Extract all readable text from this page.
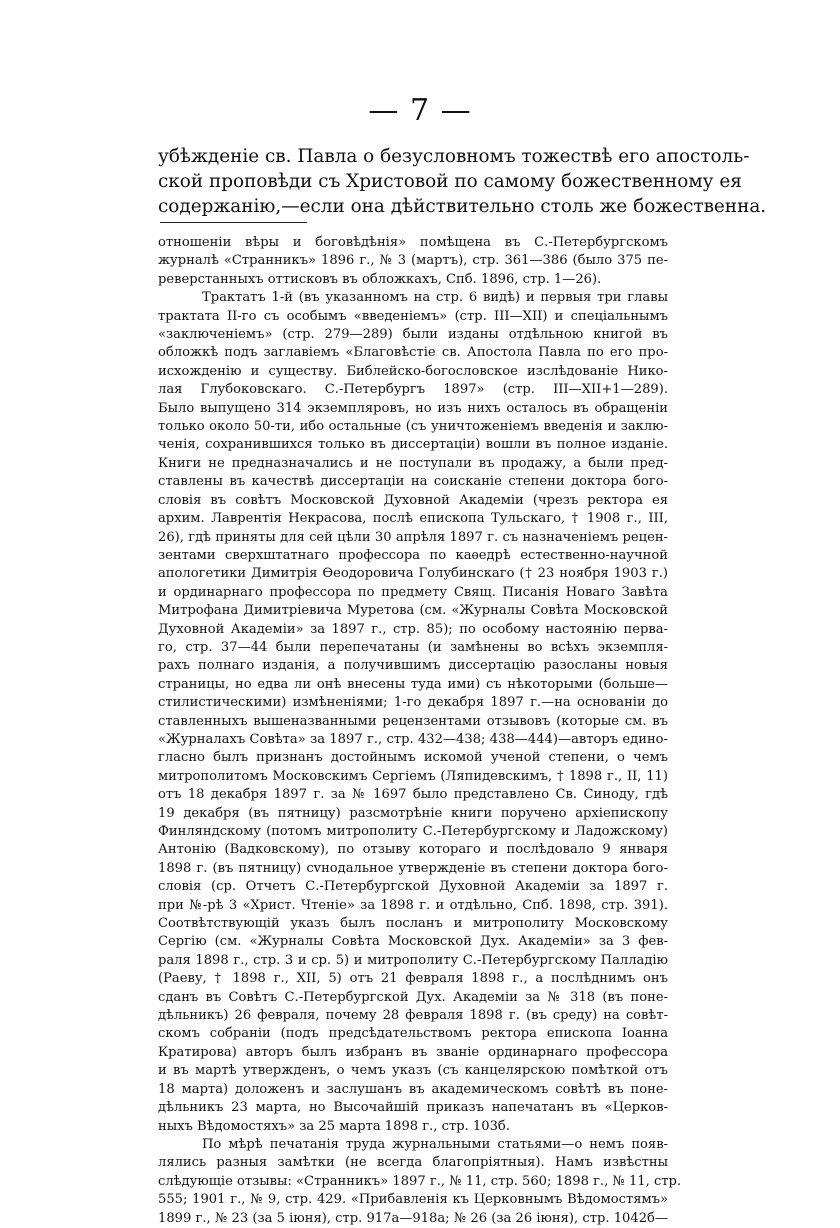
— 7 —
убѣжденіе св. Павла о безусловномъ тожествѣ его апостоль-
ской проповѣди съ Христовой по самому божественному ея
содержанію,—если она дѣйствительно столь же божественна.
отношеніи вѣры и боговѣдѣнія» помѣщена въ С.-Петербургскомъ
журналѣ «Странникъ» 1896 г., № 3 (мартъ), стр. 361—386 (было 375 пе-
реверстанныхъ оттисковъ въ обложкахъ, Спб. 1896, стр. 1—26).
Трактатъ 1-й (въ указанномъ на стр. 6 видѣ) и первыя три главы
трактата II-го съ особымъ «введеніемъ» (стр. III—XII) и спеціальнымъ
«заключеніемъ» (стр. 279—289) были изданы отдѣльною книгой въ
обложкѣ подъ заглавіемъ «Благовѣстіе св. Апостола Павла по его про-
исхожденію и существу. Библейско-богословское изслѣдованіе Нико-
лая Глубоковскаго. С.-Петербургъ 1897» (стр. III—XII+1—289).
Было выпущено 314 экземпляровъ, но изъ нихъ осталось въ обращеніи
только около 50-ти, ибо остальные (съ уничтоженіемъ введенія и заклю-
ченія, сохранившихся только въ диссертаціи) вошли въ полное изданіе.
Книги не предназначались и не поступали въ продажу, а были пред-
ставлены въ качествѣ диссертаціи на соисканіе степени доктора бого-
словія въ совѣтъ Московской Духовной Академіи (чрезъ ректора ея
архим. Лаврентія Некрасова, послѣ епископа Тульскаго, † 1908 г., III,
26), гдѣ приняты для сей цѣли 30 апрѣля 1897 г. съ назначеніемъ рецен-
зентами сверхштатнаго профессора по каѳедрѣ естественно-научной
апологетики Димитрія Ѳеодоровича Голубинскаго († 23 ноября 1903 г.)
и ординарнаго профессора по предмету Свящ. Писанія Новаго Завѣта
Митрофана Димитріевича Муретова (см. «Журналы Совѣта Московской
Духовной Академіи» за 1897 г., стр. 85); по особому настоянію перва-
го, стр. 37—44 были перепечатаны (и замѣнены во всѣхъ экземпля-
рахъ полнаго изданія, а получившимъ диссертацію разосланы новыя
страницы, но едва ли онѣ внесены туда ими) съ нѣкоторыми (больше—
стилистическими) измѣненіями; 1-го декабря 1897 г.—на основаніи до
ставленныхъ вышеназванными рецензентами отзывовъ (которые см. въ
«Журналахъ Совѣта» за 1897 г., стр. 432—438; 438—444)—авторъ едино-
гласно былъ признанъ достойнымъ искомой ученой степени, о чемъ
митрополитомъ Московскимъ Сергіемъ (Ляпидевскимъ, † 1898 г., II, 11)
отъ 18 декабря 1897 г. за № 1697 было представлено Св. Синоду, гдѣ
19 декабря (въ пятницу) разсмотрѣніе книги поручено архіепископу
Финляндскому (потомъ митрополиту С.-Петербургскому и Ладожскому)
Антонію (Вадковскому), по отзыву котораго и послѣдовало 9 января
1898 г. (въ пятницу) сvнодальное утвержденіе въ степени доктора бого-
словія (ср. Отчетъ С.-Петербургской Духовной Академіи за 1897 г.
при №-рѣ 3 «Христ. Чтеніе» за 1898 г. и отдѣльно, Спб. 1898, стр. 391).
Соотвѣтствующій указъ былъ посланъ и митрополиту Московскому
Сергію (см. «Журналы Совѣта Московской Дух. Академіи» за 3 фев-
раля 1898 г., стр. 3 и ср. 5) и митрополиту С.-Петербургскому Палладію
(Раеву, † 1898 г., XII, 5) отъ 21 февраля 1898 г., а послѣднимъ онъ
сданъ въ Совѣтъ С.-Петербургской Дух. Академіи за № 318 (въ поне-
дѣльникъ) 26 февраля, почему 28 февраля 1898 г. (въ среду) на совѣт-
скомъ собраніи (подъ предсѣдательствомъ ректора епископа Іоанна
Кратирова) авторъ былъ избранъ въ званіе ординарнаго профессора
и въ мартѣ утвержденъ, о чемъ указъ (съ канцелярскою помѣткой отъ
18 марта) доложенъ и заслушанъ въ академическомъ совѣтѣ въ поне-
дѣльникъ 23 марта, но Высочайшій приказъ напечатанъ въ «Церков-
ныхъ Вѣдомостяхъ» за 25 марта 1898 г., стр. 103б.
По мѣрѣ печатанія труда журнальными статьями—о немъ появ-
лялись разныя замѣтки (не всегда благопріятныя). Намъ извѣстны
слѣдующіе отзывы: «Странникъ» 1897 г., № 11, стр. 560; 1898 г., № 11, стр.
555; 1901 г., № 9, стр. 429. «Прибавленія къ Церковнымъ Вѣдомостямъ»
1899 г., № 23 (за 5 іюня), стр. 917а—918а; № 26 (за 26 іюня), стр. 1042б—
